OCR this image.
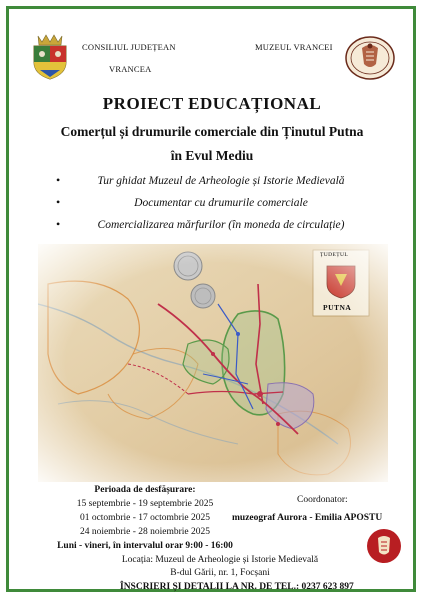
CONSILIUL JUDEȚEAN
VRANCEA
MUZEUL VRANCEI
PROIECT EDUCAȚIONAL
Comerțul și drumurile comerciale din Ținutul Putna
în Evul Mediu
•	Tur ghidat Muzeul de Arheologie și Istorie Medievală
•	Documentar cu drumurile comerciale
•	Comercializarea mărfurilor (în moneda de circulație)
ȚUDEȚUL
PUTNA
Perioada de desfășurare:
15 septembrie - 19 septembrie 2025
01 octombrie - 17 octombrie 2025
24 noiembrie - 28 noiembrie 2025
Luni - vineri, în intervalul orar 9:00 - 16:00
Coordonator:
muzeograf Aurora - Emilia APOSTU
Locația: Muzeul de Arheologie și Istorie Medievală
B-dul Gării, nr. 1, Focșani
ÎNSCRIERI ȘI DETALII LA NR. DE TEL.: 0237 623 897
